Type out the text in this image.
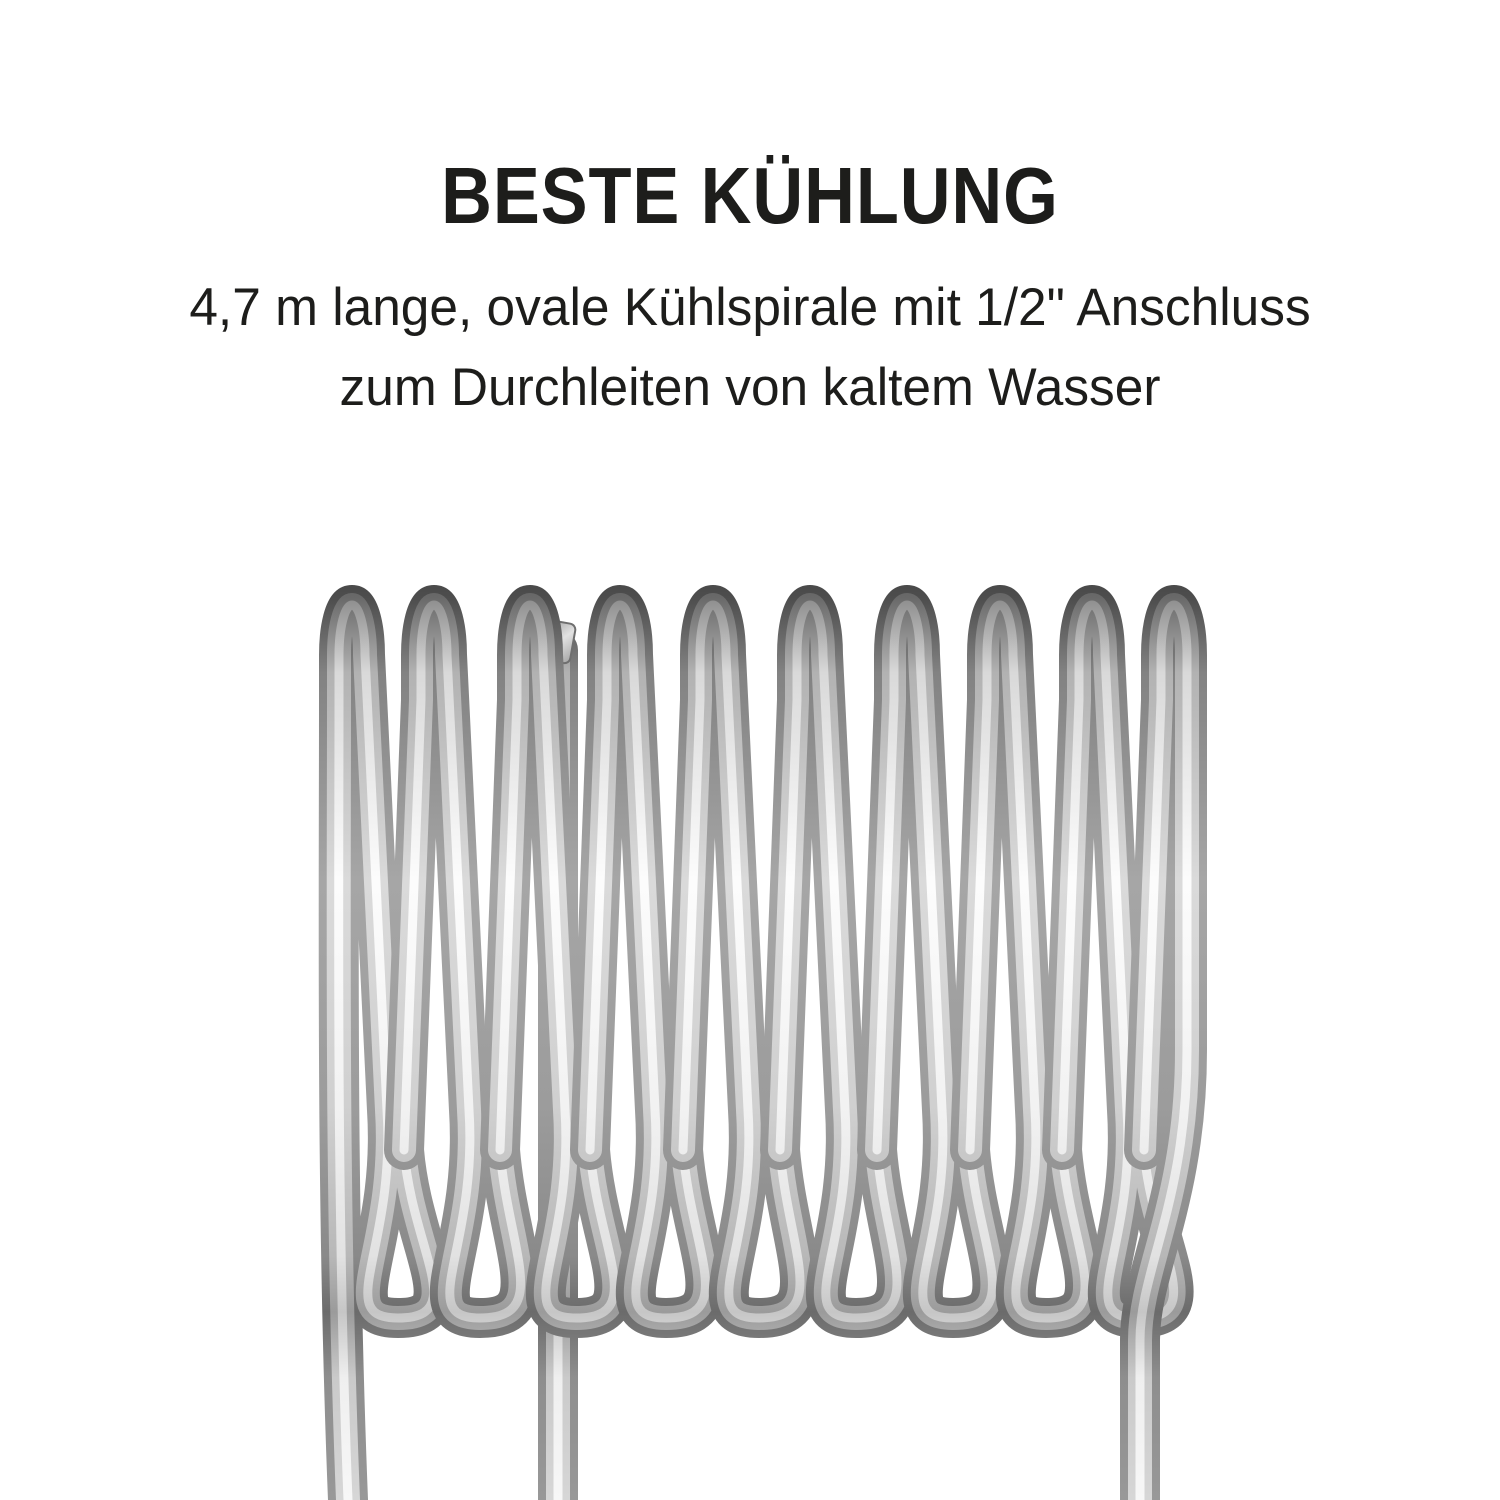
BESTE KÜHLUNG
4,7 m lange, ovale Kühlspirale mit 1/2" Anschluss
zum Durchleiten von kaltem Wasser
